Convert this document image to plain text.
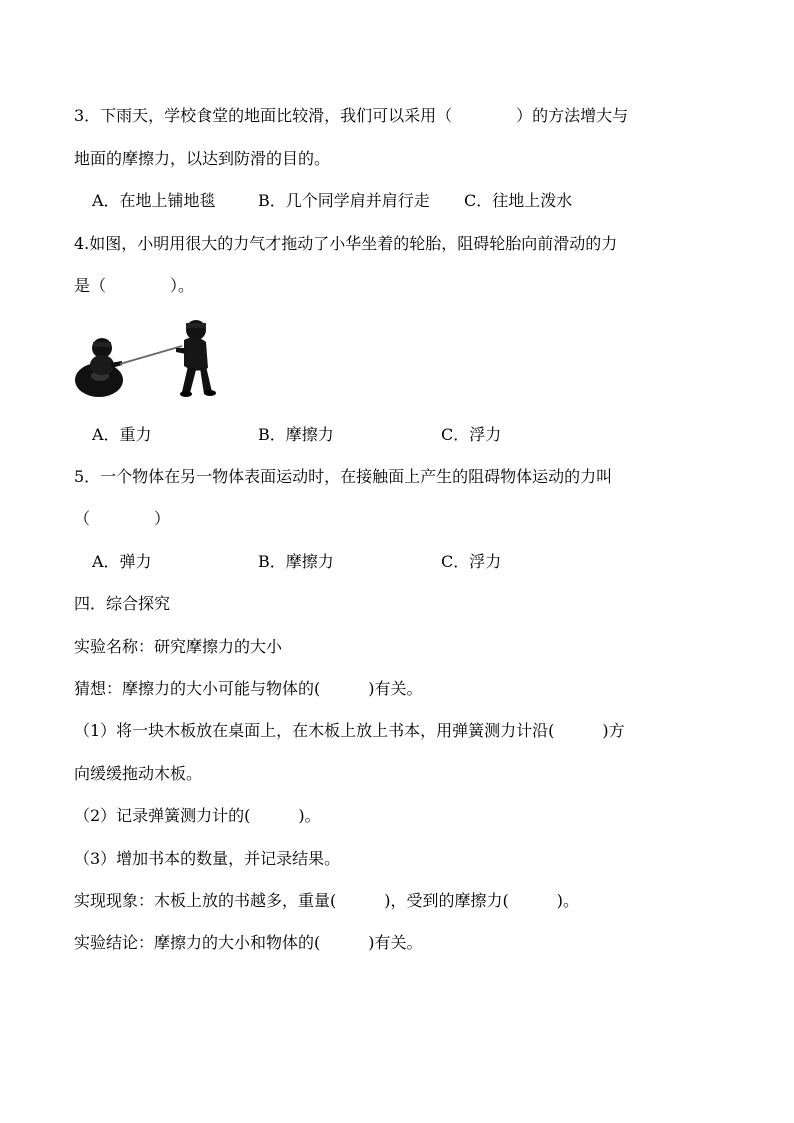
3．下雨天，学校食堂的地面比较滑，我们可以采用（　　　　）的方法增大与
地面的摩擦力，以达到防滑的目的。
A．在地上铺地毯	B．几个同学肩并肩行走 C．往地上泼水
4.如图，小明用很大的力气才拖动了小华坐着的轮胎，阻碍轮胎向前滑动的力
是（　　　　）。
A．重力	B．摩擦力	C．浮力
5．一个物体在另一物体表面运动时，在接触面上产生的阻碍物体运动的力叫
（　　　　）
A．弹力	B．摩擦力	C．浮力
四．综合探究
实验名称：研究摩擦力的大小
猜想：摩擦力的大小可能与物体的(　　　)有关。
（1）将一块木板放在桌面上，在木板上放上书本，用弹簧测力计沿(　　　)方
向缓缓拖动木板。
（2）记录弹簧测力计的(　　　)。
（3）增加书本的数量，并记录结果。
实现现象：木板上放的书越多，重量(　　　)，受到的摩擦力(　　　)。
实验结论：摩擦力的大小和物体的(　　　)有关。
